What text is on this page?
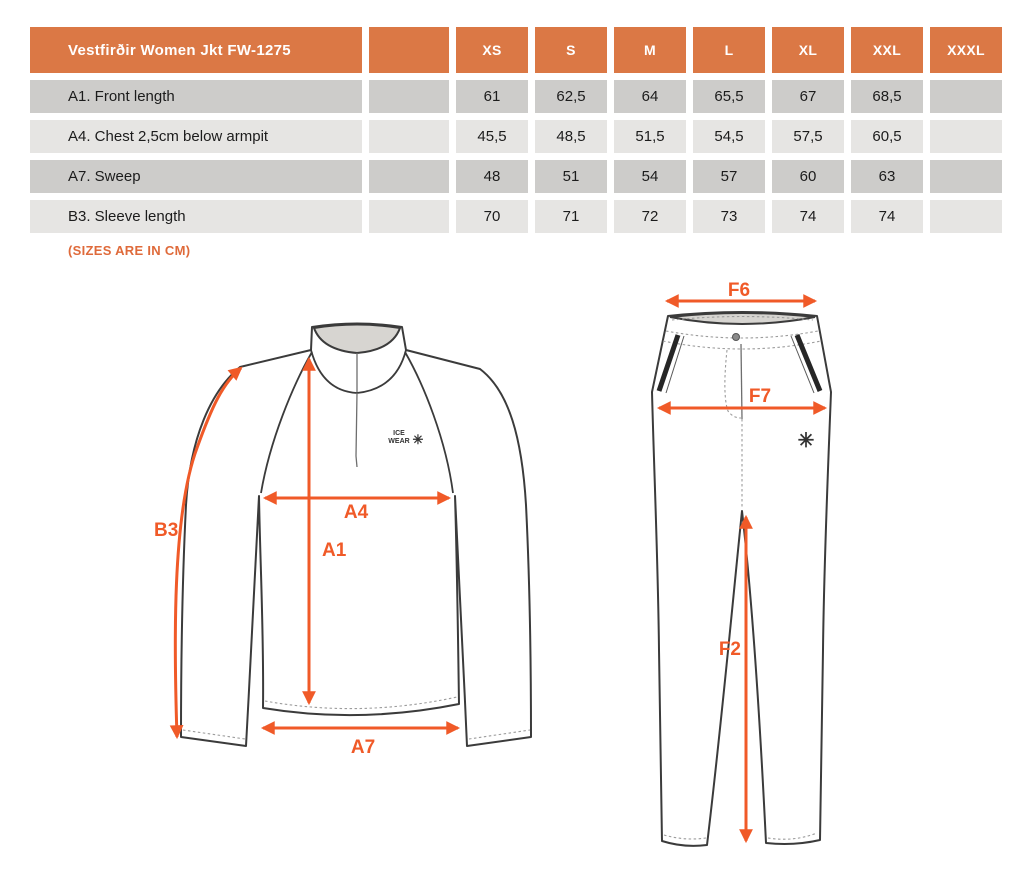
Vestfirðir Women Jkt FW-1275	XS	S	M	L	XL	XXL	XXXL
A1. Front length	61	62,5	64	65,5	67	68,5
A4. Chest 2,5cm below armpit	45,5	48,5	51,5	54,5	57,5	60,5
A7. Sweep	48	51	54	57	60	63
B3. Sleeve length	70	71	72	73	74	74
(SIZES ARE IN CM)
ICE
WEAR ✳
B3
A4
A1
A7
✳
F6
F7
F2
